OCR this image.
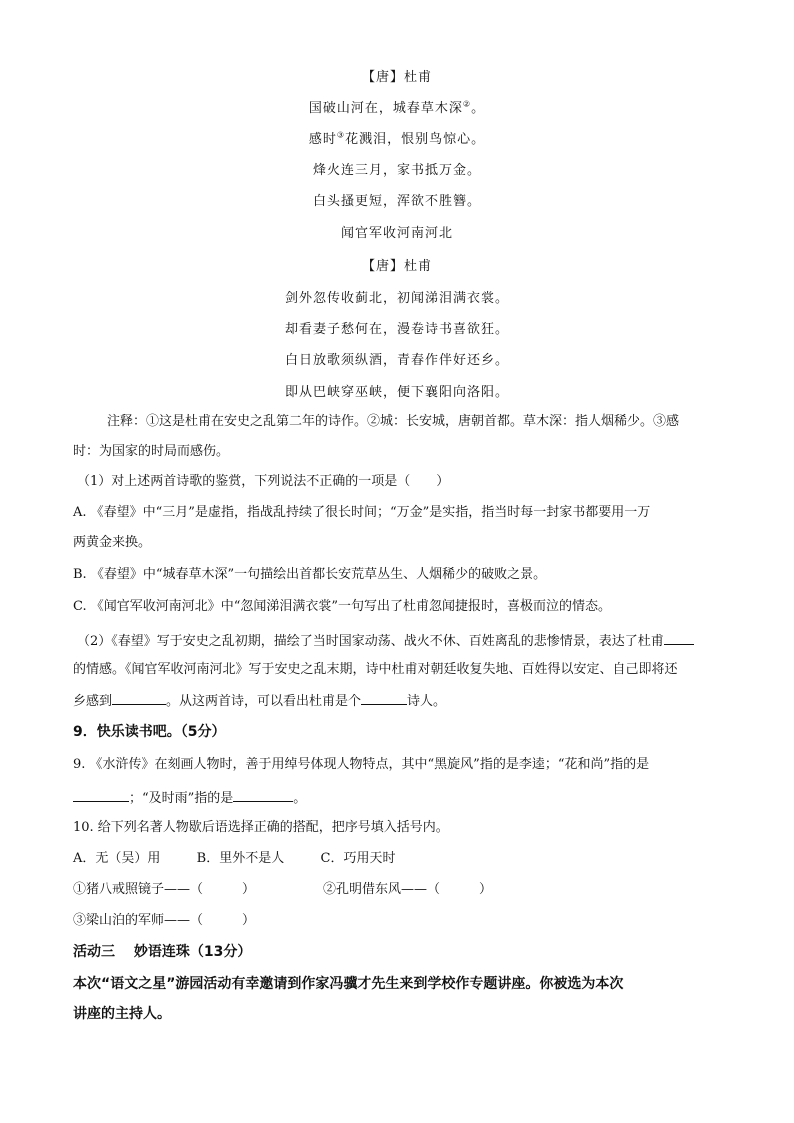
【唐】杜甫
国破山河在，城春草木深②。
感时③花溅泪，恨别鸟惊心。
烽火连三月，家书抵万金。
白头搔更短，浑欲不胜簪。
闻官军收河南河北
【唐】杜甫
剑外忽传收蓟北，初闻涕泪满衣裳。
却看妻子愁何在，漫卷诗书喜欲狂。
白日放歌须纵酒，青春作伴好还乡。
即从巴峡穿巫峡，便下襄阳向洛阳。
注释：①这是杜甫在安史之乱第二年的诗作。②城：长安城，唐朝首都。草木深：指人烟稀少。③感
时：为国家的时局而感伤。
（1）对上述两首诗歌的鉴赏，下列说法不正确的一项是（　　）
A. 《春望》中“三月”是虚指，指战乱持续了很长时间；“万金”是实指，指当时每一封家书都要用一万
两黄金来换。
B. 《春望》中“城春草木深”一句描绘出首都长安荒草丛生、人烟稀少的破败之景。
C. 《闻官军收河南河北》中“忽闻涕泪满衣裳”一句写出了杜甫忽闻捷报时，喜极而泣的情态。
（2）《春望》写于安史之乱初期，描绘了当时国家动荡、战火不休、百姓离乱的悲惨情景，表达了杜甫
的情感。《闻官军收河南河北》写于安史之乱末期，诗中杜甫对朝廷收复失地、百姓得以安定、自己即将还
乡感到	。从这两首诗，可以看出杜甫是个	诗人。
9．快乐读书吧。（5分）
9. 《水浒传》在刻画人物时，善于用绰号体现人物特点，其中“黑旋风”指的是李逵；“花和尚”指的是
；“及时雨”指的是	。
10. 给下列名著人物歇后语选择正确的搭配，把序号填入括号内。
A．无（吴）用	B．里外不是人	C．巧用天时
①猪八戒照镜子——（　　　）	②孔明借东风——（　　　）
③梁山泊的军师——（　　　）
活动三　 妙语连珠（13分）
本次“语文之星”游园活动有幸邀请到作家冯骥才先生来到学校作专题讲座。你被选为本次
讲座的主持人。
